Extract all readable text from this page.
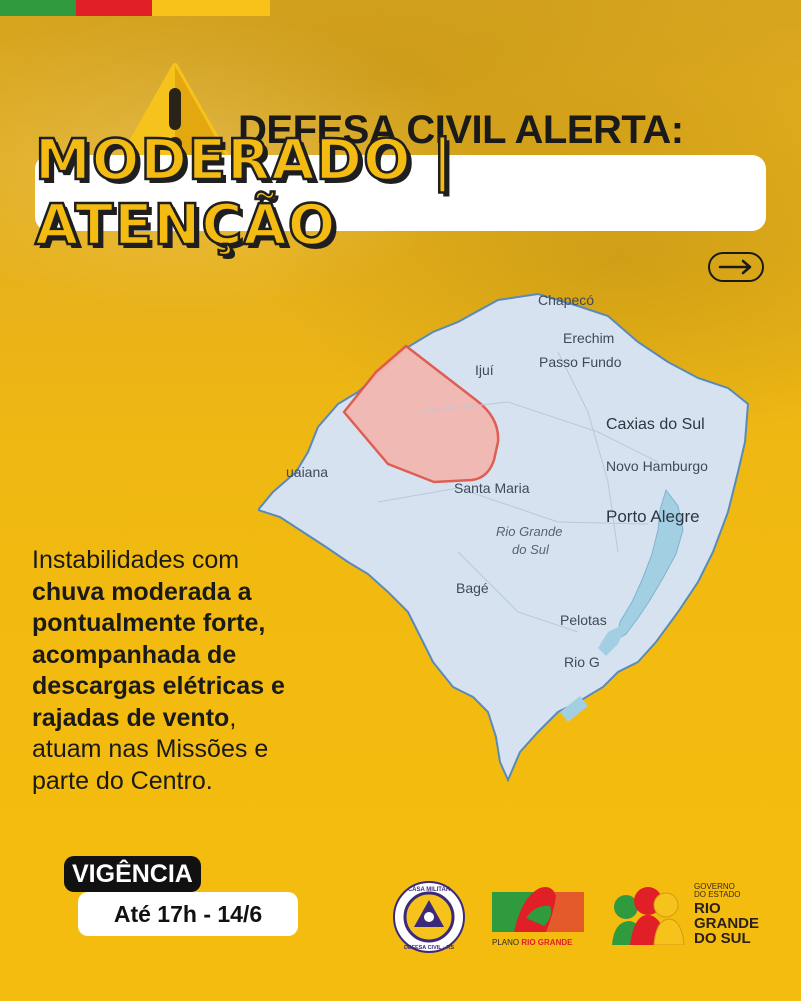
DEFESA CIVIL ALERTA:
MODERADO | ATENÇÃO
Chapecó
Erechim
Ijuí	Passo Fundo
Caxias do Sul
Novo Hamburgo
uaiana
Santa Maria
Porto Alegre
Rio Grande
do Sul
Bagé
Pelotas
Rio G
Instabilidades com
chuva moderada a
pontualmente forte,
acompanhada de
descargas elétricas e
rajadas de vento,
atuam nas Missões e
parte do Centro.
VIGÊNCIA
Até 17h - 14/6
CASA MILITAR
DEFESA CIVIL · RS
PLANO RIO GRANDE
GOVERNO
DO ESTADO
RIO
GRANDE
DO SUL
